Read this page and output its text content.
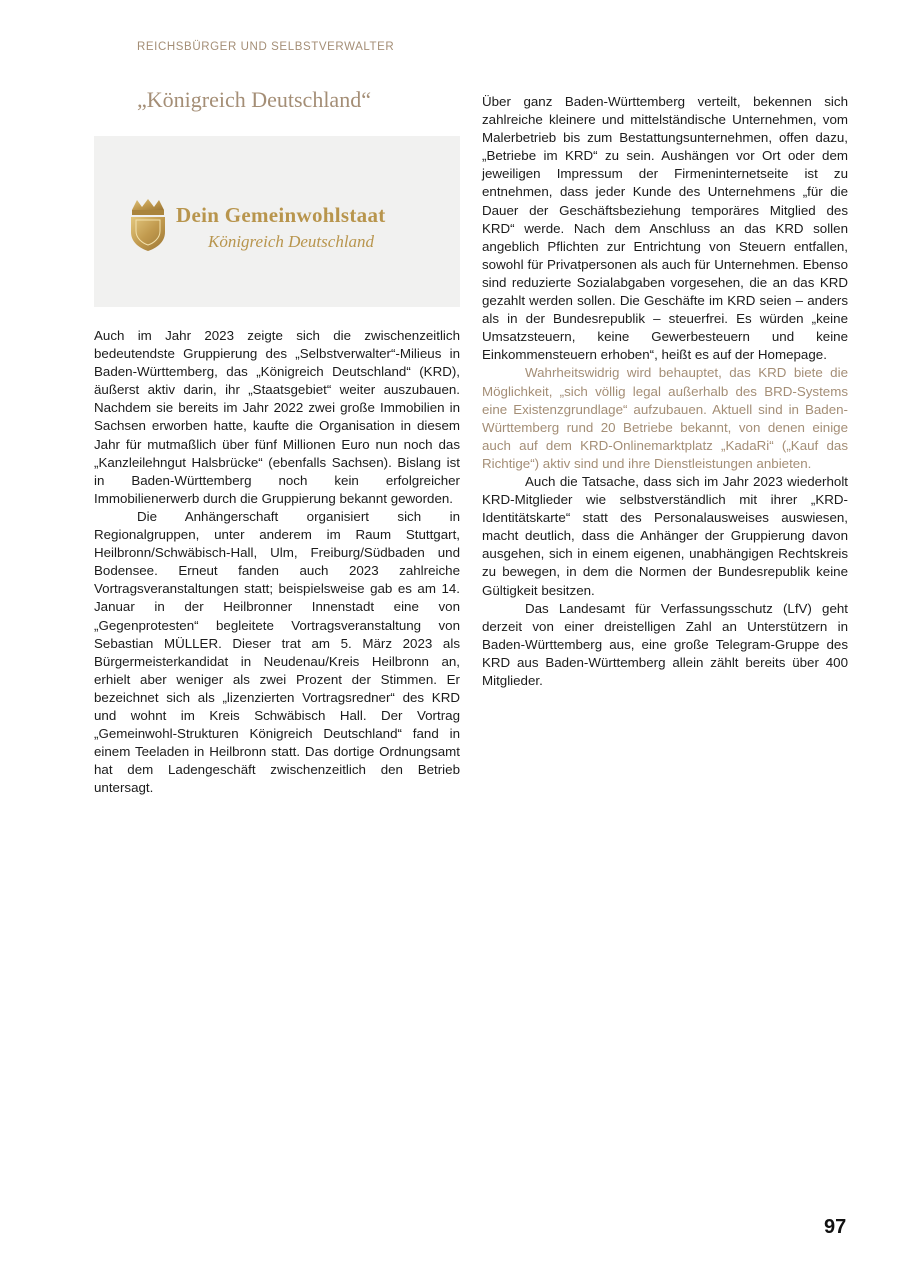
REICHSBÜRGER UND SELBSTVERWALTER
„Königreich Deutschland“
Dein Gemeinwohlstaat
Königreich Deutschland

Auch im Jahr 2023 zeigte sich die zwischenzeitlich bedeutendste Gruppierung des „Selbstverwalter“-Milieus in Baden-Württemberg, das „Königreich Deutschland“ (KRD), äußerst aktiv darin, ihr „Staatsgebiet“ weiter auszubauen. Nachdem sie bereits im Jahr 2022 zwei große Immobilien in Sachsen erworben hatte, kaufte die Organisation in diesem Jahr für mutmaßlich über fünf Millionen Euro nun noch das „Kanzleilehngut Halsbrücke“ (ebenfalls Sachsen). Bislang ist in Baden-Württemberg noch kein erfolgreicher Immobilienerwerb durch die Gruppierung bekannt geworden.

Die Anhängerschaft organisiert sich in Regionalgruppen, unter anderem im Raum Stuttgart, Heilbronn/Schwäbisch-Hall, Ulm, Freiburg/Südbaden und Bodensee. Erneut fanden auch 2023 zahlreiche Vortragsveranstaltungen statt; beispielsweise gab es am 14. Januar in der Heilbronner Innenstadt eine von „Gegenprotesten“ begleitete Vortragsveranstaltung von Sebastian MÜLLER. Dieser trat am 5. März 2023 als Bürgermeisterkandidat in Neudenau/Kreis Heilbronn an, erhielt aber weniger als zwei Prozent der Stimmen. Er bezeichnet sich als „lizenzierten Vortragsredner“ des KRD und wohnt im Kreis Schwäbisch Hall. Der Vortrag „Gemeinwohl-Strukturen Königreich Deutschland“ fand in einem Teeladen in Heilbronn statt. Das dortige Ordnungsamt hat dem Ladengeschäft zwischenzeitlich den Betrieb untersagt.

Über ganz Baden-Württemberg verteilt, bekennen sich zahlreiche kleinere und mittelständische Unternehmen, vom Malerbetrieb bis zum Bestattungsunternehmen, offen dazu, „Betriebe im KRD“ zu sein. Aushängen vor Ort oder dem jeweiligen Impressum der Firmeninternetseite ist zu entnehmen, dass jeder Kunde des Unternehmens „für die Dauer der Geschäftsbeziehung temporäres Mitglied des KRD“ werde. Nach dem Anschluss an das KRD sollen angeblich Pflichten zur Entrichtung von Steuern entfallen, sowohl für Privatpersonen als auch für Unternehmen. Ebenso sind reduzierte Sozialabgaben vorgesehen, die an das KRD gezahlt werden sollen. Die Geschäfte im KRD seien – anders als in der Bundesrepublik – steuerfrei. Es würden „keine Umsatzsteuern, keine Gewerbesteuern und keine Einkommensteuern erhoben“, heißt es auf der Homepage.

Wahrheitswidrig wird behauptet, das KRD biete die Möglichkeit, „sich völlig legal außerhalb des BRD-Systems eine Existenzgrundlage“ aufzubauen. Aktuell sind in Baden-Württemberg rund 20 Betriebe bekannt, von denen einige auch auf dem KRD-Onlinemarktplatz „KadaRi“ („Kauf das Richtige“) aktiv sind und ihre Dienstleistungen anbieten.

Auch die Tatsache, dass sich im Jahr 2023 wiederholt KRD-Mitglieder wie selbstverständlich mit ihrer „KRD-Identitätskarte“ statt des Personalausweises auswiesen, macht deutlich, dass die Anhänger der Gruppierung davon ausgehen, sich in einem eigenen, unabhängigen Rechtskreis zu bewegen, in dem die Normen der Bundesrepublik keine Gültigkeit besitzen.

Das Landesamt für Verfassungsschutz (LfV) geht derzeit von einer dreistelligen Zahl an Unterstützern in Baden-Württemberg aus, eine große Telegram-Gruppe des KRD aus Baden-Württemberg allein zählt bereits über 400 Mitglieder.

97
